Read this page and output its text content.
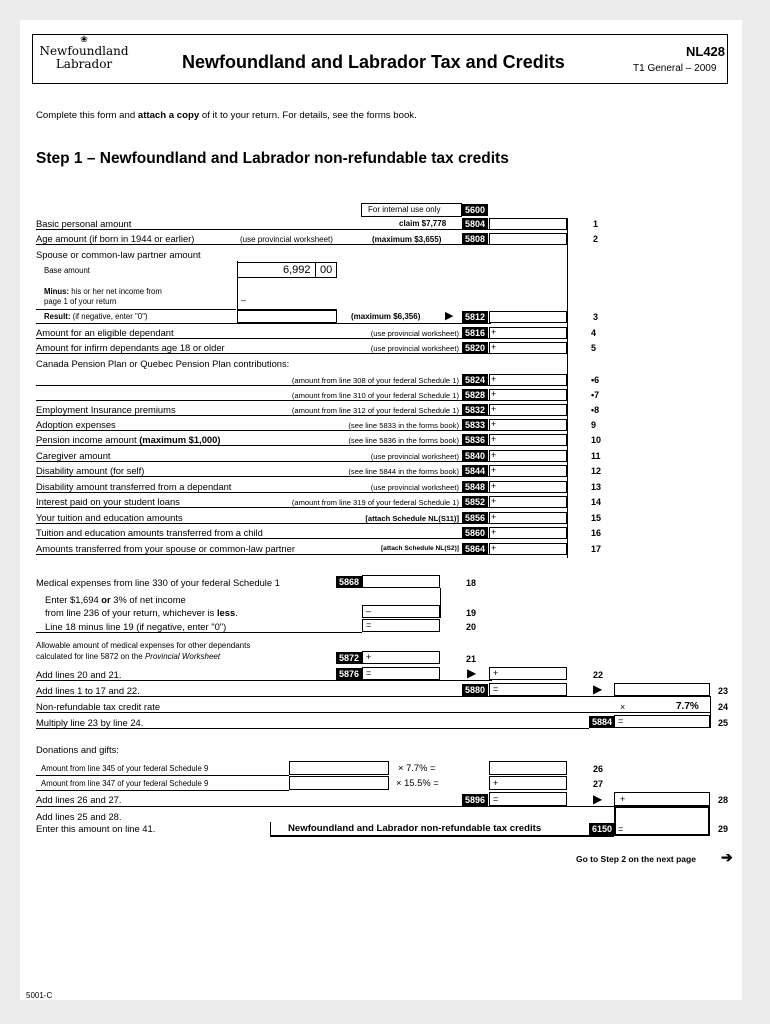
❀
Newfoundland
Labrador	Newfoundland and Labrador Tax and Credits
NL428
T1 General – 2009
Complete this form and attach a copy of it to your return. For details, see the forms book.
Step 1 – Newfoundland and Labrador non-refundable tax credits
For internal use only	5600
Basic personal amount	claim $7,778	5804	1
Age amount (if born in 1944 or earlier)	(use provincial worksheet)	(maximum $3,655)	5808	2
Spouse or common-law partner amount
Base amount	6,992 00
Minus: his or her net income from
page 1 of your return	–
Result: (if negative, enter "0")	(maximum $6,356) ▶	5812	3
Canada Pension Plan or Quebec Pension Plan contributions:
Amount for an eligible dependant	(use provincial worksheet) 5816 +	4
Amount for infirm dependants age 18 or older	(use provincial worksheet) 5820 +	5
(amount from line 308 of your federal Schedule 1) 5824 +	•6
(amount from line 310 of your federal Schedule 1) 5828 +	•7
Employment Insurance premiums	(amount from line 312 of your federal Schedule 1) 5832 +	•8
Adoption expenses	(see line 5833 in the forms book) 5833 +	9
Pension income amount (maximum $1,000)	(see line 5836 in the forms book) 5836 +	10
Caregiver amount	(use provincial worksheet) 5840 +	11
Disability amount (for self)	(see line 5844 in the forms book) 5844 +	12
Disability amount transferred from a dependant	(use provincial worksheet) 5848 +	13
Interest paid on your student loans	(amount from line 319 of your federal Schedule 1) 5852 +	14
Your tuition and education amounts	[attach Schedule NL(S11)] 5856 +	15
Tuition and education amounts transferred from a child	5860 +	16
Amounts transferred from your spouse or common-law partner	[attach Schedule NL(S2)] 5864 +	17
Medical expenses from line 330 of your federal Schedule 1	5868	18
Enter $1,694 or 3% of net income
from line 236 of your return, whichever is less.	–	19
Line 18 minus line 19 (if negative, enter "0")	=	20
Allowable amount of medical expenses for other dependants
calculated for line 5872 on the Provincial Worksheet	5872 +	21
Add lines 20 and 21.	5876 =	▶ +	22
Add lines 1 to 17 and 22.	5880 =	▶	23
Non-refundable tax credit rate	×	7.7% 24
Multiply line 23 by line 24.	5884 =	25
Donations and gifts:
Amount from line 345 of your federal Schedule 9	× 7.7% =	26
Amount from line 347 of your federal Schedule 9	× 15.5% =	+	27
Add lines 26 and 27.	5896 =	▶ +	28
Add lines 25 and 28.
Enter this amount on line 41.	Newfoundland and Labrador non-refundable tax credits	6150 =	29
Go to Step 2 on the next page ➔
5001-C
